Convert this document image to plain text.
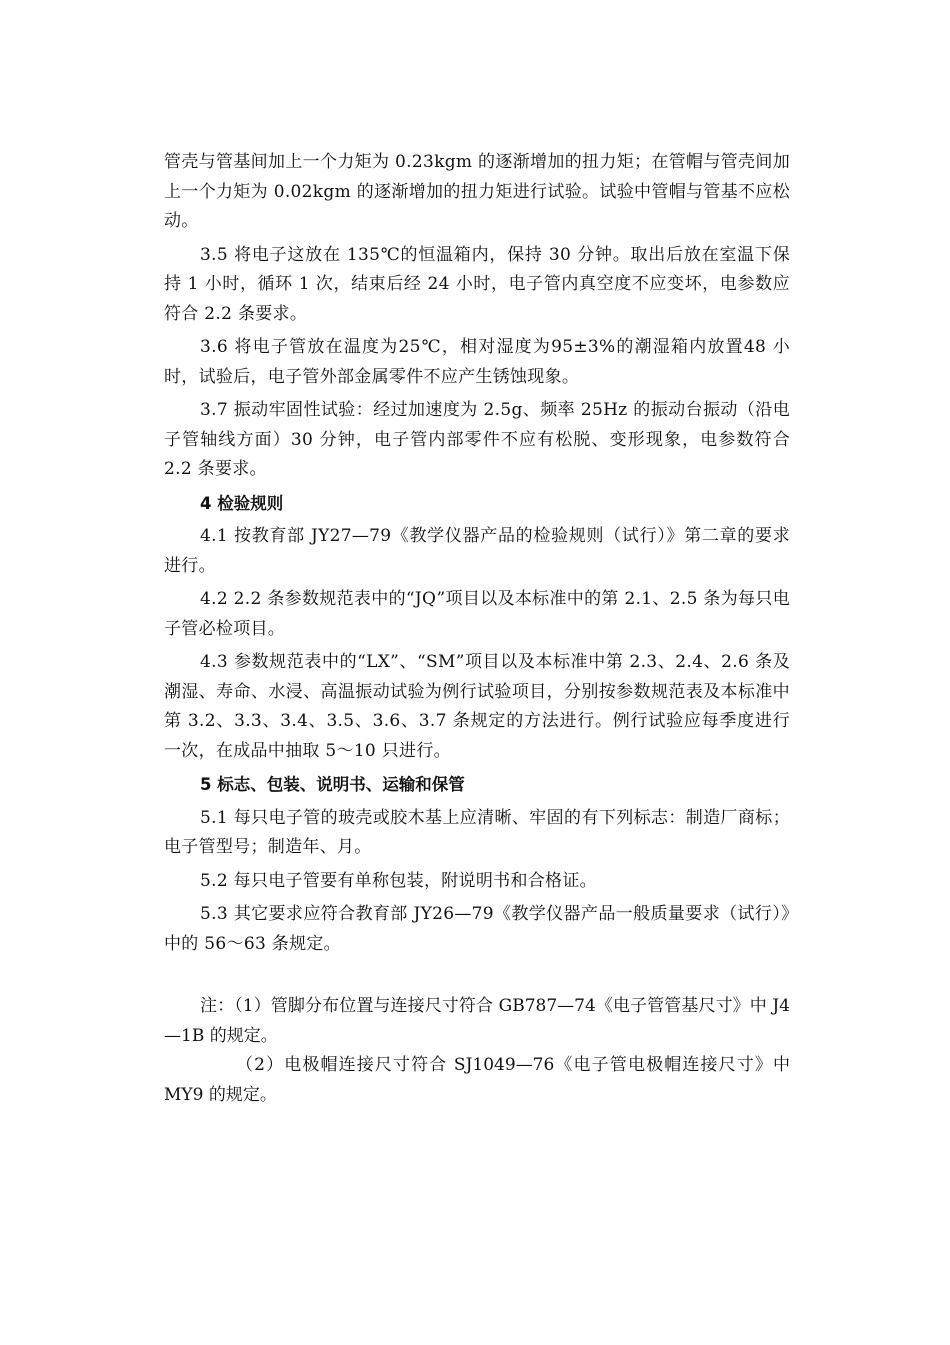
管壳与管基间加上一个力矩为 0.23kgm 的逐渐增加的扭力矩；在管帽与管壳间加上一个力矩为 0.02kgm 的逐渐增加的扭力矩进行试验。试验中管帽与管基不应松动。

3.5 将电子这放在 135℃的恒温箱内，保持 30 分钟。取出后放在室温下保持 1 小时，循环 1 次，结束后经 24 小时，电子管内真空度不应变坏，电参数应符合 2.2 条要求。

3.6 将电子管放在温度为25℃，相对湿度为95±3%的潮湿箱内放置48 小时，试验后，电子管外部金属零件不应产生锈蚀现象。

3.7 振动牢固性试验：经过加速度为 2.5g、频率 25Hz 的振动台振动（沿电子管轴线方面）30 分钟，电子管内部零件不应有松脱、变形现象，电参数符合 2.2 条要求。

4 检验规则

4.1 按教育部 JY27—79《教学仪器产品的检验规则（试行）》第二章的要求进行。

4.2 2.2 条参数规范表中的“JQ”项目以及本标准中的第 2.1、2.5 条为每只电子管必检项目。

4.3 参数规范表中的“LX”、“SM”项目以及本标准中第 2.3、2.4、2.6 条及潮湿、寿命、水浸、高温振动试验为例行试验项目，分别按参数规范表及本标准中第 3.2、3.3、3.4、3.5、3.6、3.7 条规定的方法进行。例行试验应每季度进行一次，在成品中抽取 5～10 只进行。

5 标志、包装、说明书、运输和保管

5.1 每只电子管的玻壳或胶木基上应清晰、牢固的有下列标志：制造厂商标；电子管型号；制造年、月。

5.2 每只电子管要有单称包装，附说明书和合格证。

5.3 其它要求应符合教育部 JY26—79《教学仪器产品一般质量要求（试行）》中的 56～63 条规定。

注：（1）管脚分布位置与连接尺寸符合 GB787—74《电子管管基尺寸》中 J4—1B 的规定。

（2）电极帽连接尺寸符合 SJ1049—76《电子管电极帽连接尺寸》中 MY9 的规定。
